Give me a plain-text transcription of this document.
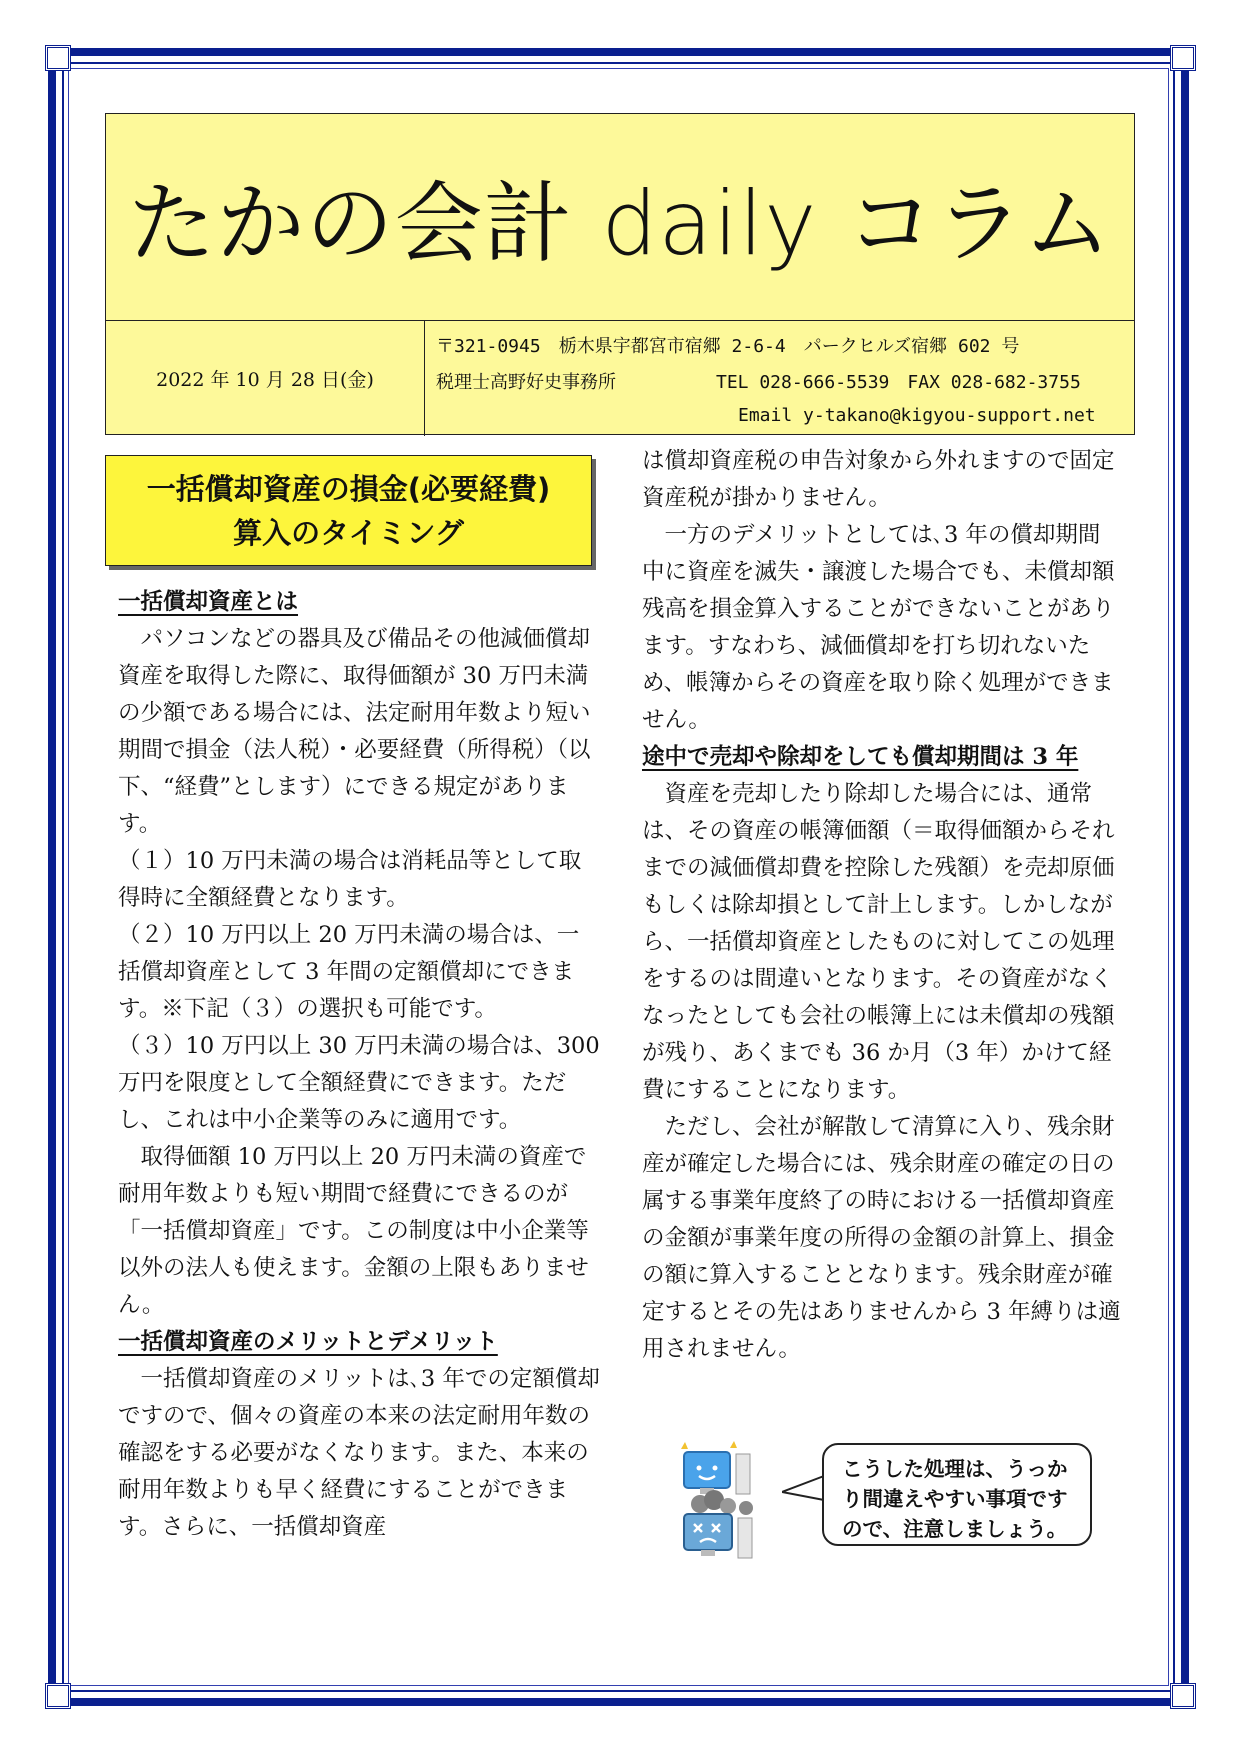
たかの会計 daily コラム
2022 年 10 月 28 日(金)
〒321-0945　栃木県宇都宮市宿郷 2-6-4　パークヒルズ宿郷 602 号
税理士高野好史事務所	TEL 028-666-5539　FAX 028-682-3755
Email y-takano@kigyou-support.net
一括償却資産の損金(必要経費)
算入のタイミング

一括償却資産とは

パソコンなどの器具及び備品その他減価償却資産を取得した際に、取得価額が 30 万円未満の少額である場合には、法定耐用年数より短い期間で損金（法人税）・必要経費（所得税）（以下、“経費”とします）にできる規定があります。

（１）10 万円未満の場合は消耗品等として取得時に全額経費となります。

（２）10 万円以上 20 万円未満の場合は、一括償却資産として 3 年間の定額償却にできます。※下記（３）の選択も可能です。

（３）10 万円以上 30 万円未満の場合は、300 万円を限度として全額経費にできます。ただし、これは中小企業等のみに適用です。

取得価額 10 万円以上 20 万円未満の資産で耐用年数よりも短い期間で経費にできるのが「一括償却資産」です。この制度は中小企業等以外の法人も使えます。金額の上限もありません。

一括償却資産のメリットとデメリット

一括償却資産のメリットは､3 年での定額償却ですので、個々の資産の本来の法定耐用年数の確認をする必要がなくなります。また、本来の耐用年数よりも早く経費にすることができます。さらに、一括償却資産

は償却資産税の申告対象から外れますので固定資産税が掛かりません。

一方のデメリットとしては､3 年の償却期間中に資産を滅失・譲渡した場合でも、未償却額残高を損金算入することができないことがあります。すなわち、減価償却を打ち切れないため、帳簿からその資産を取り除く処理ができません。

途中で売却や除却をしても償却期間は 3 年

資産を売却したり除却した場合には、通常は、その資産の帳簿価額（＝取得価額からそれまでの減価償却費を控除した残額）を売却原価もしくは除却損として計上します。しかしながら、一括償却資産としたものに対してこの処理をするのは間違いとなります。その資産がなくなったとしても会社の帳簿上には未償却の残額が残り、あくまでも 36 か月（3 年）かけて経費にすることになります。

ただし、会社が解散して清算に入り、残余財産が確定した場合には、残余財産の確定の日の属する事業年度終了の時における一括償却資産の金額が事業年度の所得の金額の計算上、損金の額に算入することとなります。残余財産が確定するとその先はありませんから 3 年縛りは適用されません。

こうした処理は、うっかり間違えやすい事項ですので、注意しましょう。
